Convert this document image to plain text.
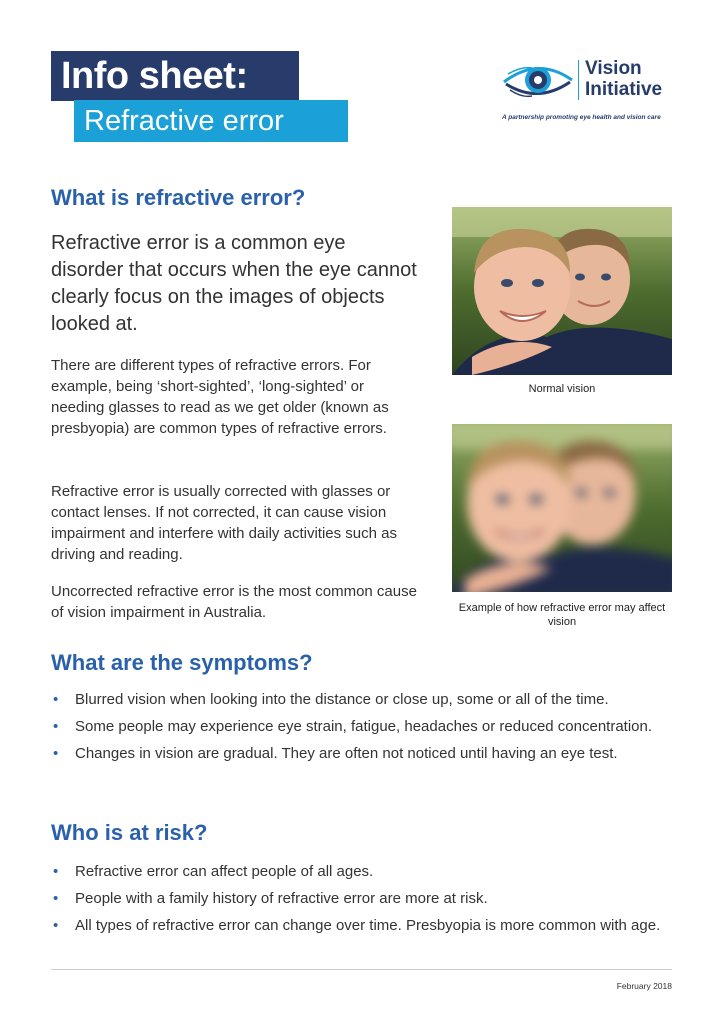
Info sheet:
Refractive error
Vision
Initiative
A partnership promoting eye health and vision care
What is refractive error?

Refractive error is a common eye disorder that occurs when the eye cannot clearly focus on the images of objects looked at.

There are different types of refractive errors. For example, being ‘short-sighted’, ‘long-sighted’ or needing glasses to read as we get older (known as presbyopia) are common types of refractive errors.

Refractive error is usually corrected with glasses or contact lenses. If not corrected, it can cause vision impairment and interfere with daily activities such as driving and reading.

Uncorrected refractive error is the most common cause of vision impairment in Australia.

Normal vision
Example of how refractive error may affect vision
What are the symptoms?
• Blurred vision when looking into the distance or close up, some or all of the time.
• Some people may experience eye strain, fatigue, headaches or reduced concentration.
• Changes in vision are gradual. They are often not noticed until having an eye test.
Who is at risk?
• Refractive error can affect people of all ages.
• People with a family history of refractive error are more at risk.
• All types of refractive error can change over time. Presbyopia is more common with age.
February 2018
